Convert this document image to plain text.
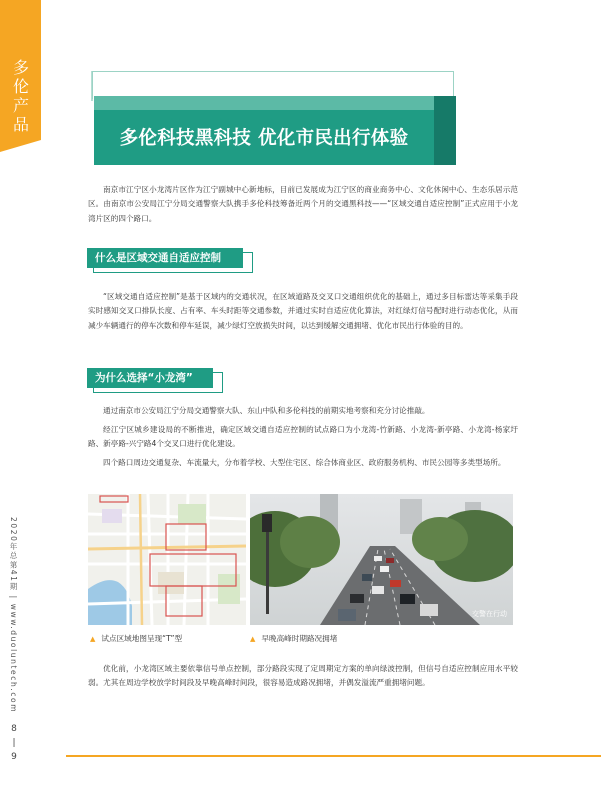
多
伦
产
品
2020年总第41期 | www.duoluntech.com
8
|
9
多伦科技黑科技 优化市民出行体验
南京市江宁区小龙湾片区作为江宁副城中心新地标，目前已发展成为江宁区的商业商务中心、文化休闲中心、生态乐居示范区。由南京市公安局江宁分局交通警察大队携手多伦科技筹备近两个月的交通黑科技——“区域交通自适应控制”正式应用于小龙湾片区的四个路口。
什么是区域交通自适应控制
“区域交通自适应控制”是基于区域内的交通状况，在区域道路及交叉口交通组织优化的基础上，通过多目标雷达等采集手段实时感知交叉口排队长度、占有率、车头时距等交通参数，并通过实时自适应优化算法，对红绿灯信号配时进行动态优化，从而减少车辆通行的停车次数和停车延误，减少绿灯空放损失时间，以达到缓解交通拥堵、优化市民出行体验的目的。
为什么选择“小龙湾”
通过南京市公安局江宁分局交通警察大队、东山中队和多伦科技的前期实地考察和充分讨论推敲。
经江宁区城乡建设局的不断推进，确定区域交通自适应控制的试点路口为小龙湾-竹新路、小龙湾-新亭路、小龙湾-杨家圩路、新亭路-兴宁路4个交叉口进行优化建设。
四个路口周边交通复杂、车流量大，分布着学校、大型住宅区、综合体商业区、政府服务机构、市民公园等多类型场所。
交警在行动
▲ 试点区域地图呈现“T”型	▲ 早晚高峰时期路况拥堵
优化前，小龙湾区域主要依靠信号单点控制，部分路段实现了定周期定方案的单向绿波控制，但信号自适应控制应用水平较弱。尤其在周边学校放学时间段及早晚高峰时间段，很容易造成路况拥堵，并偶发溢流严重拥堵问题。
